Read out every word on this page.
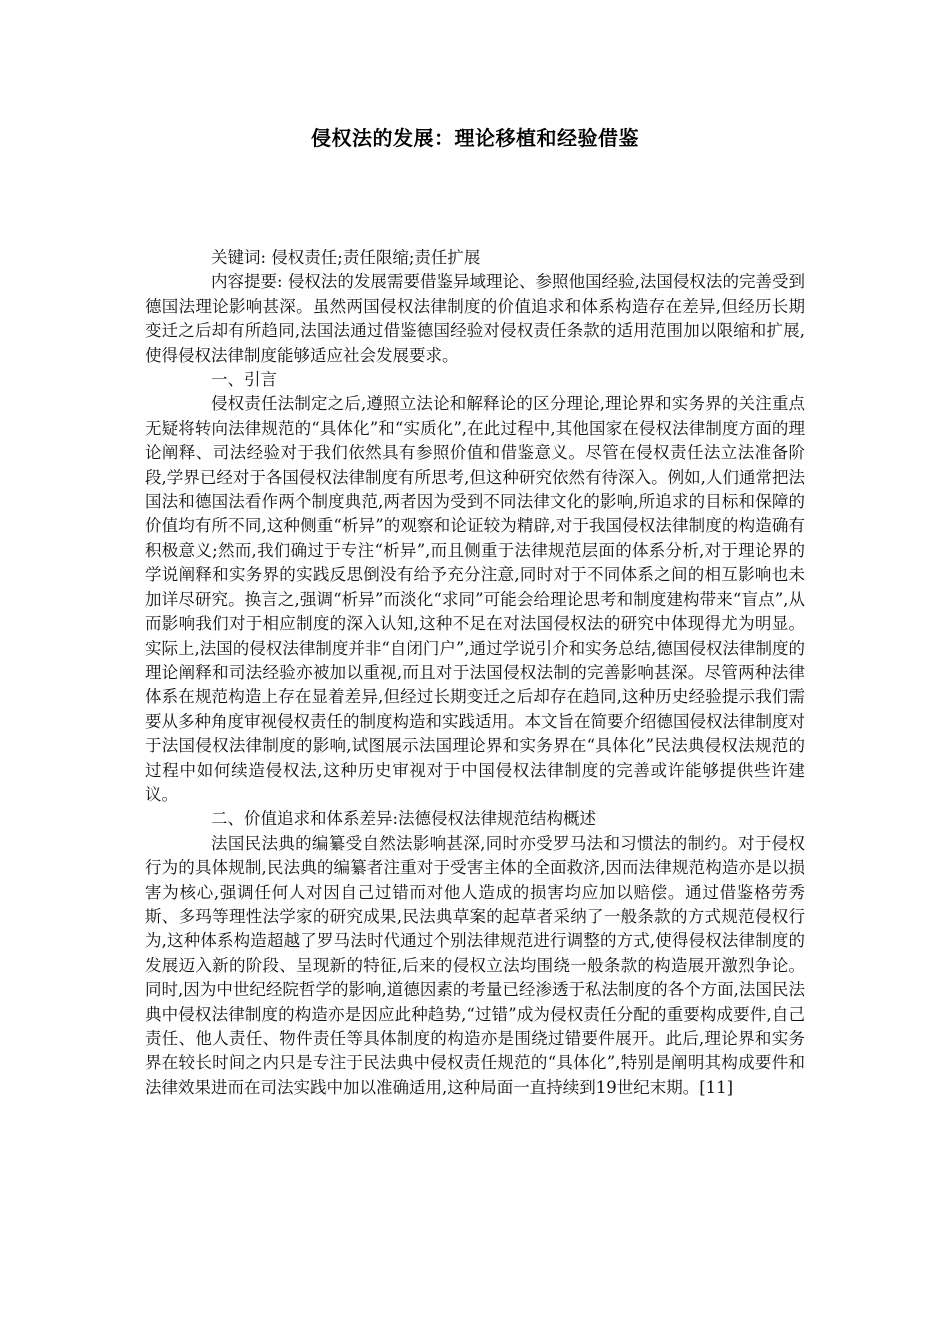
侵权法的发展：理论移植和经验借鉴

关键词: 侵权责任;责任限缩;责任扩展

内容提要: 侵权法的发展需要借鉴异域理论、参照他国经验,法国侵权法的完善受到德国法理论影响甚深。虽然两国侵权法律制度的价值追求和体系构造存在差异,但经历长期变迁之后却有所趋同,法国法通过借鉴德国经验对侵权责任条款的适用范围加以限缩和扩展,使得侵权法律制度能够适应社会发展要求。

一、引言

侵权责任法制定之后,遵照立法论和解释论的区分理论,理论界和实务界的关注重点无疑将转向法律规范的“具体化”和“实质化”,在此过程中,其他国家在侵权法律制度方面的理论阐释、司法经验对于我们依然具有参照价值和借鉴意义。尽管在侵权责任法立法准备阶段,学界已经对于各国侵权法律制度有所思考,但这种研究依然有待深入。例如,人们通常把法国法和德国法看作两个制度典范,两者因为受到不同法律文化的影响,所追求的目标和保障的价值均有所不同,这种侧重“析异”的观察和论证较为精辟,对于我国侵权法律制度的构造确有积极意义;然而,我们确过于专注“析异”,而且侧重于法律规范层面的体系分析,对于理论界的学说阐释和实务界的实践反思倒没有给予充分注意,同时对于不同体系之间的相互影响也未加详尽研究。换言之,强调“析异”而淡化“求同”可能会给理论思考和制度建构带来“盲点”,从而影响我们对于相应制度的深入认知,这种不足在对法国侵权法的研究中体现得尤为明显。实际上,法国的侵权法律制度并非“自闭门户”,通过学说引介和实务总结,德国侵权法律制度的理论阐释和司法经验亦被加以重视,而且对于法国侵权法制的完善影响甚深。尽管两种法律体系在规范构造上存在显着差异,但经过长期变迁之后却存在趋同,这种历史经验提示我们需要从多种角度审视侵权责任的制度构造和实践适用。本文旨在简要介绍德国侵权法律制度对于法国侵权法律制度的影响,试图展示法国理论界和实务界在“具体化”民法典侵权法规范的过程中如何续造侵权法,这种历史审视对于中国侵权法律制度的完善或许能够提供些许建议。

二、价值追求和体系差异:法德侵权法律规范结构概述

法国民法典的编纂受自然法影响甚深,同时亦受罗马法和习惯法的制约。对于侵权行为的具体规制,民法典的编纂者注重对于受害主体的全面救济,因而法律规范构造亦是以损害为核心,强调任何人对因自己过错而对他人造成的损害均应加以赔偿。通过借鉴格劳秀斯、多玛等理性法学家的研究成果,民法典草案的起草者采纳了一般条款的方式规范侵权行为,这种体系构造超越了罗马法时代通过个别法律规范进行调整的方式,使得侵权法律制度的发展迈入新的阶段、呈现新的特征,后来的侵权立法均围绕一般条款的构造展开激烈争论。同时,因为中世纪经院哲学的影响,道德因素的考量已经渗透于私法制度的各个方面,法国民法典中侵权法律制度的构造亦是因应此种趋势,“过错”成为侵权责任分配的重要构成要件,自己责任、他人责任、物件责任等具体制度的构造亦是围绕过错要件展开。此后,理论界和实务界在较长时间之内只是专注于民法典中侵权责任规范的“具体化”,特别是阐明其构成要件和法律效果进而在司法实践中加以准确适用,这种局面一直持续到19世纪末期。[11]
